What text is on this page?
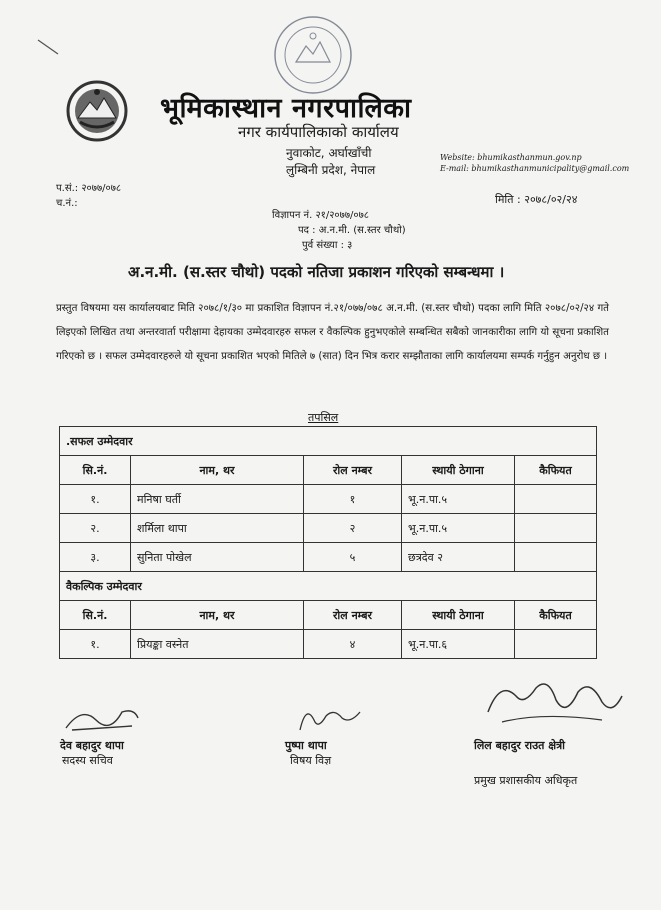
भूमिकास्थान नगरपालिका
नगर कार्यपालिकाको कार्यालय
नुवाकोट, अर्घाखाँची
लुम्बिनी प्रदेश, नेपाल
Website: bhumikasthanmun.gov.np
E-mail: bhumikasthanmunicipality@gmail.com
प.सं.: २०७७/०७८
च.नं.:	मिति : २०७८/०२/२४
विज्ञापन नं. २१/२०७७/०७८
पद : अ.न.मी. (स.स्तर चौथो)
पुर्व संख्या : ३
अ.न.मी. (स.स्तर चौथो) पदको नतिजा प्रकाशन गरिएको सम्बन्धमा ।
प्रस्तुत विषयमा यस कार्यालयबाट मिति २०७८/१/३० मा प्रकाशित विज्ञापन नं.२१/०७७/०७८ अ.न.मी. (स.स्तर चौथो) पदका लागि मिति २०७८/०२/२४ गते लिइएको लिखित तथा अन्तरवार्ता परीक्षामा देहायका उम्मेदवारहरु सफल र वैकल्पिक हुनुभएकोले सम्बन्धित सबैको जानकारीका लागि यो सूचना प्रकाशित गरिएको छ । सफल उम्मेदवारहरुले यो सूचना प्रकाशित भएको मितिले ७ (सात) दिन भित्र करार सम्झौताका लागि कार्यालयमा सम्पर्क गर्नुहुन अनुरोध छ ।
तपसिल
.सफल उम्मेदवार				
सि.नं.	नाम, थर	रोल नम्बर	स्थायी ठेगाना	कैफियत
१.	मनिषा घर्ती	१	भू.न.पा.५	
२.	शर्मिला थापा	२	भू.न.पा.५	
३.	सुनिता पोखेल	५	छत्रदेव २	
वैकल्पिक उम्मेदवार				
सि.नं.	नाम, थर	रोल नम्बर	स्थायी ठेगाना	कैफियत
१.	प्रियङ्का वस्नेत	४	भू.न.पा.६	
देव बहादुर थापा
सदस्य सचिव
पुष्पा थापा
विषय विज्ञ
लिल बहादुर राउत क्षेत्री
प्रमुख प्रशासकीय अधिकृत
